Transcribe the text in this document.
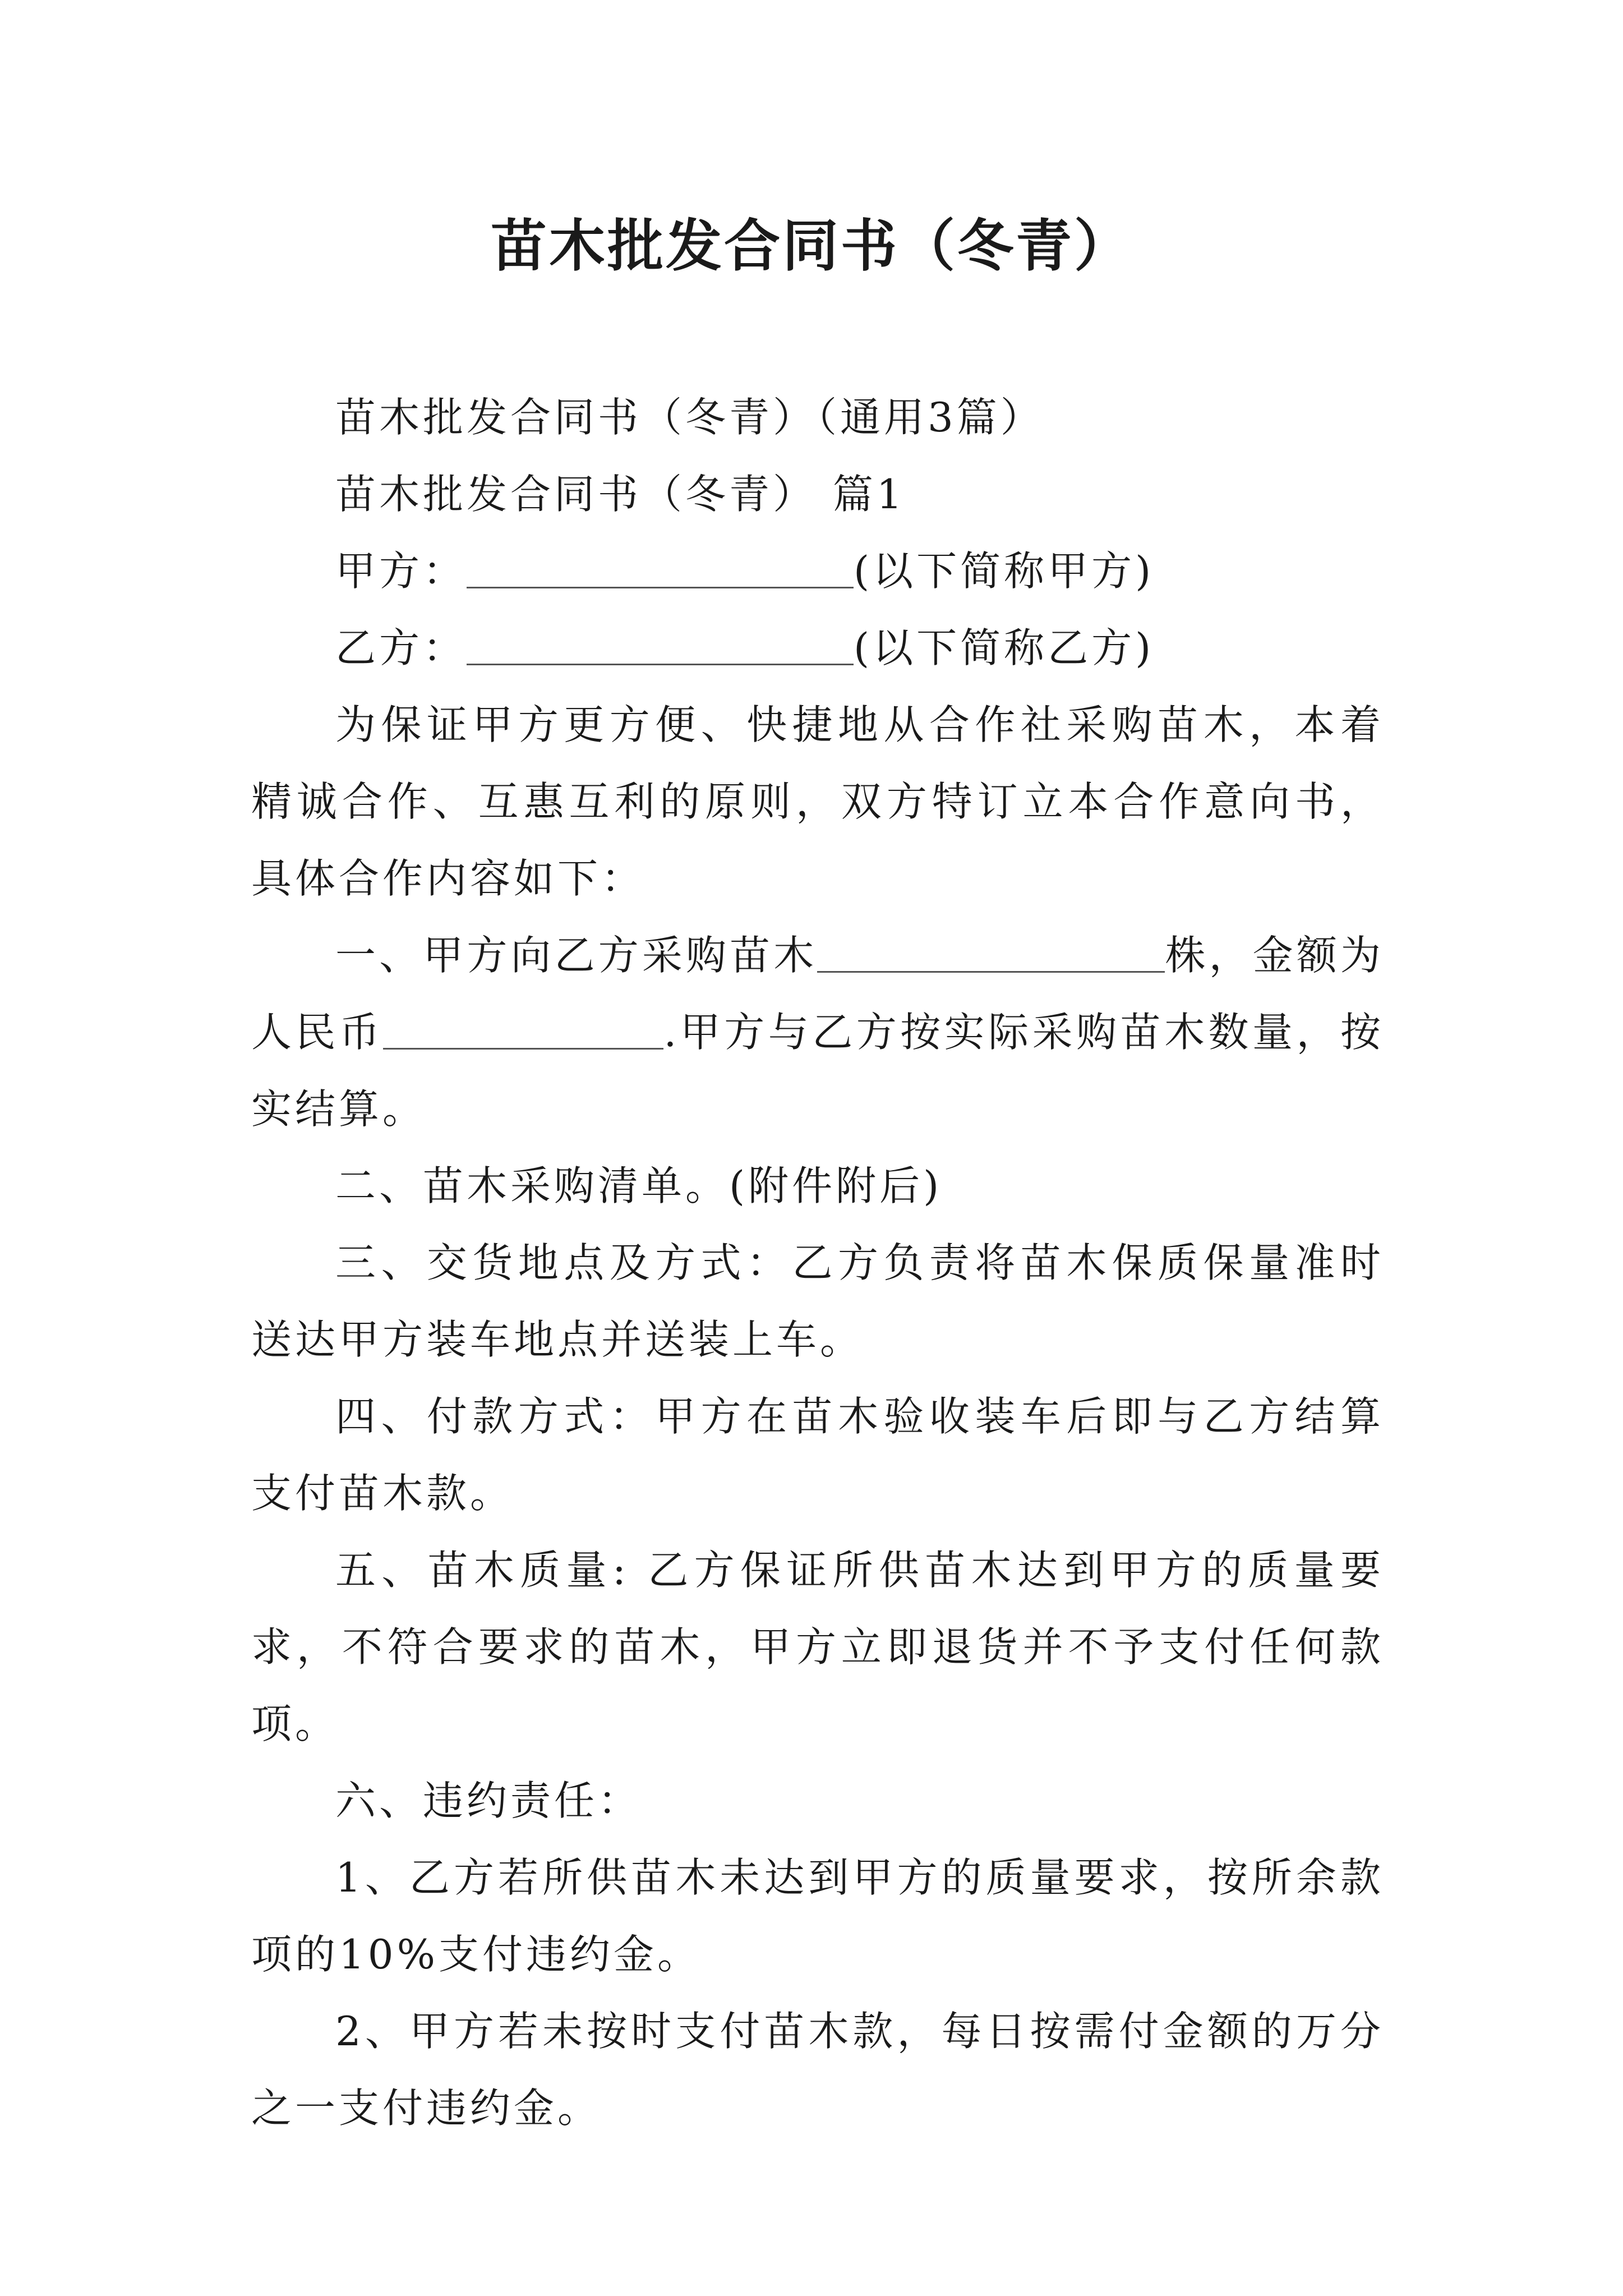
苗木批发合同书（冬青）

苗木批发合同书（冬青）（通用3篇）

苗木批发合同书（冬青） 篇1

甲方：	(以下简称甲方)

乙方：	(以下简称乙方)

为保证甲方更方便、快捷地从合作社采购苗木，本着精诚合作、互惠互利的原则，双方特订立本合作意向书，具体合作内容如下：

一、甲方向乙方采购苗木	株，金额为人民币	.甲方与乙方按实际采购苗木数量，按实结算。

二、苗木采购清单。(附件附后)

三、交货地点及方式：乙方负责将苗木保质保量准时送达甲方装车地点并送装上车。

四、付款方式：甲方在苗木验收装车后即与乙方结算支付苗木款。

五、苗木质量: 乙方保证所供苗木达到甲方的质量要求，不符合要求的苗木，甲方立即退货并不予支付任何款项。

六、违约责任：

1、乙方若所供苗木未达到甲方的质量要求，按所余款项的10%支付违约金。

2、甲方若未按时支付苗木款，每日按需付金额的万分之一支付违约金。
